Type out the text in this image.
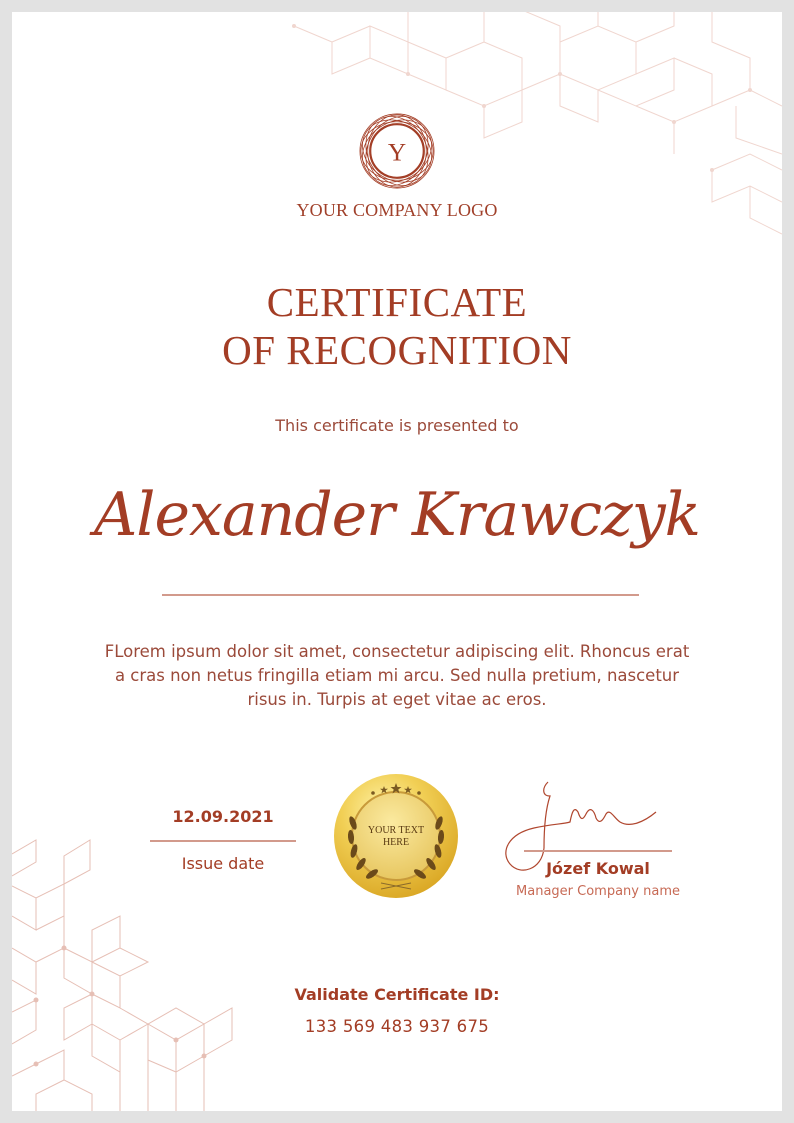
Y
YOUR COMPANY LOGO
CERTIFICATE
OF RECOGNITION
This certificate is presented to
Alexander Krawczyk
FLorem ipsum dolor sit amet, consectetur adipiscing elit. Rhoncus erat a cras non netus fringilla etiam mi arcu. Sed nulla pretium, nascetur risus in. Turpis at eget vitae ac eros.
12.09.2021
Issue date
YOUR TEXT
HERE
Józef Kowal
Manager Company name
Validate Certificate ID:
133 569 483 937 675
